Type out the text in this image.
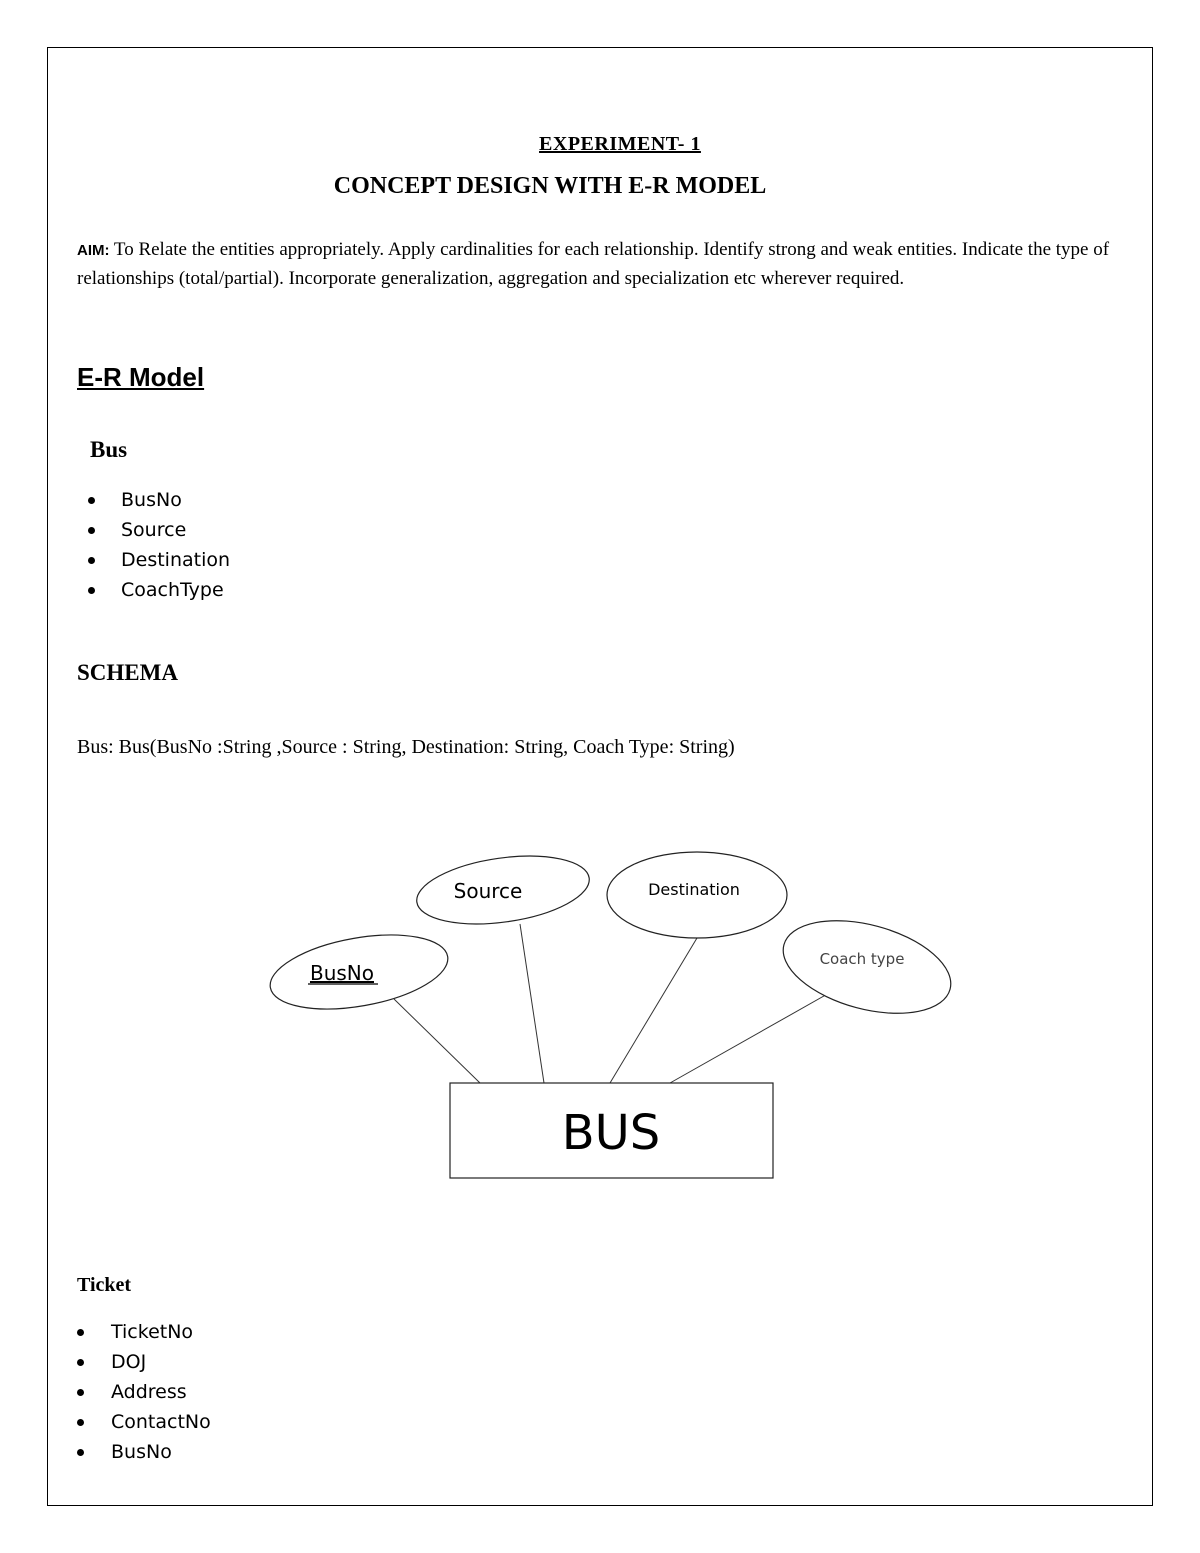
EXPERIMENT- 1
CONCEPT DESIGN WITH E-R MODEL
AIM: To Relate the entities appropriately. Apply cardinalities for each relationship. Identify strong and weak entities. Indicate the type of relationships (total/partial). Incorporate generalization, aggregation and specialization etc wherever required.
E-R Model
Bus
BusNo
Source
Destination
CoachType
SCHEMA
Bus: Bus(BusNo :String ,Source : String, Destination: String, Coach Type: String)
BusNo
Source	Destination
Coach type
BUS
Ticket
TicketNo
DOJ
Address
ContactNo
BusNo
